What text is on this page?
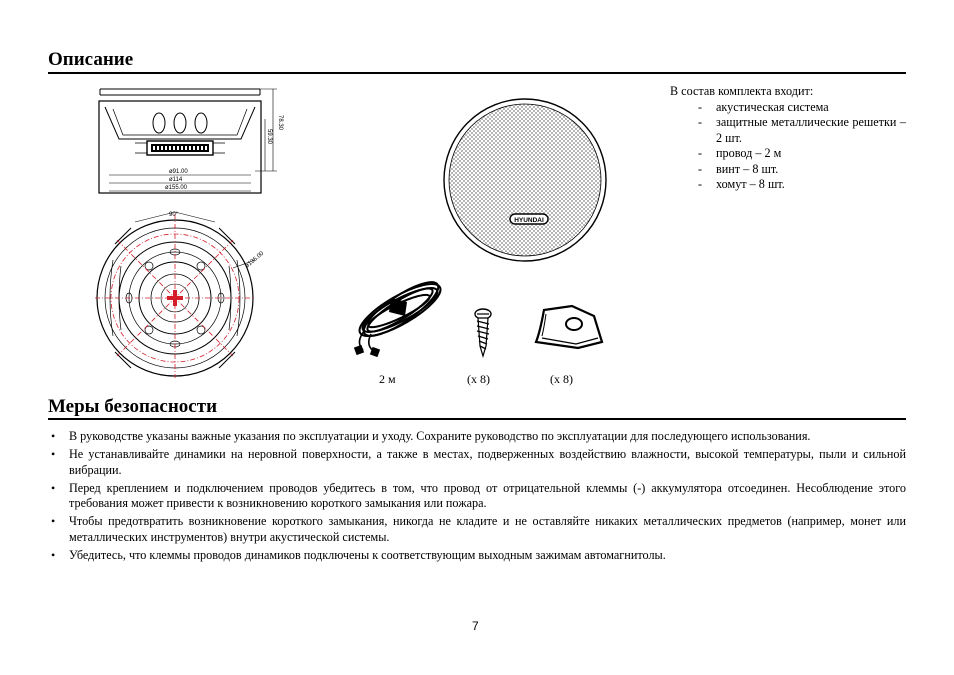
Описание
ø91.00
ø114
ø155.00
78.30
59.30
90°
ø136.00
HYUNDAI
В состав комплекта входит:
- акустическая система
- защитные металлические решетки – 2 шт.
- провод – 2 м
- винт – 8 шт.
- хомут – 8 шт.
2 м	(x 8)	(x 8)
Меры безопасности
• В руководстве указаны важные указания по эксплуатации и уходу. Сохраните руководство по эксплуатации для последующего использования.
• Не устанавливайте динамики на неровной поверхности, а также в местах, подверженных воздействию влажности, высокой температуры, пыли и сильной вибрации.
• Перед креплением и подключением проводов убедитесь в том, что провод от отрицательной клеммы (-) аккумулятора отсоединен. Несоблюдение этого требования может привести к возникновению короткого замыкания или пожара.
• Чтобы предотвратить возникновение короткого замыкания, никогда не кладите и не оставляйте никаких металлических предметов (например, монет или металлических инструментов) внутри акустической системы.
• Убедитесь, что клеммы проводов динамиков подключены к соответствующим выходным зажимам автомагнитолы.
7
